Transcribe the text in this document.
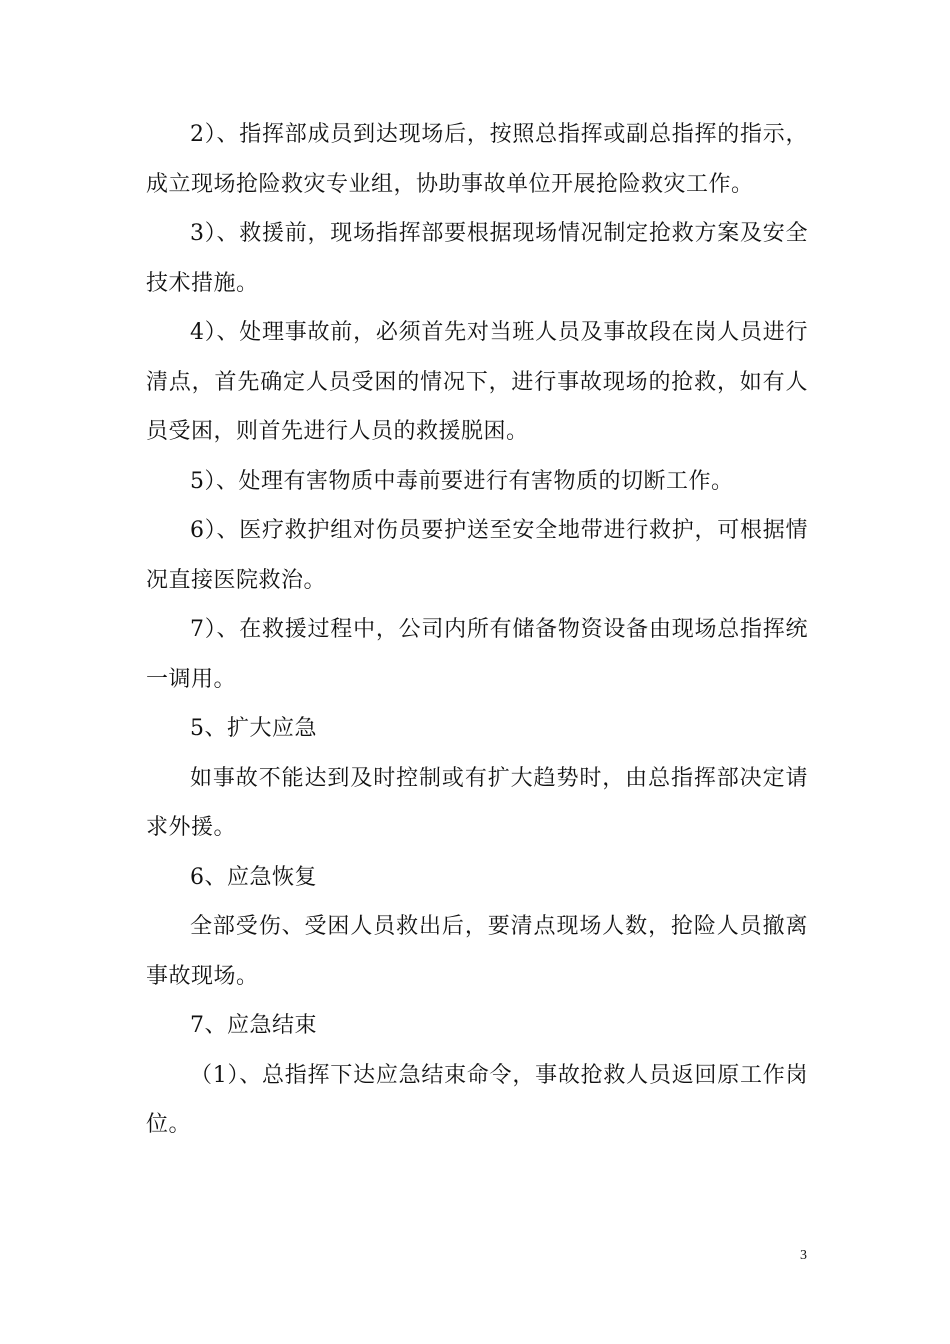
2）、指挥部成员到达现场后，按照总指挥或副总指挥的指示，成立现场抢险救灾专业组，协助事故单位开展抢险救灾工作。

3）、救援前，现场指挥部要根据现场情况制定抢救方案及安全技术措施。

4）、处理事故前，必须首先对当班人员及事故段在岗人员进行清点，首先确定人员受困的情况下，进行事故现场的抢救，如有人员受困，则首先进行人员的救援脱困。

5）、处理有害物质中毒前要进行有害物质的切断工作。

6）、医疗救护组对伤员要护送至安全地带进行救护，可根据情况直接医院救治。

7）、在救援过程中，公司内所有储备物资设备由现场总指挥统一调用。

5、扩大应急

如事故不能达到及时控制或有扩大趋势时，由总指挥部决定请求外援。

6、应急恢复

全部受伤、受困人员救出后，要清点现场人数，抢险人员撤离事故现场。

7、应急结束

（1）、总指挥下达应急结束命令，事故抢救人员返回原工作岗位。

3
